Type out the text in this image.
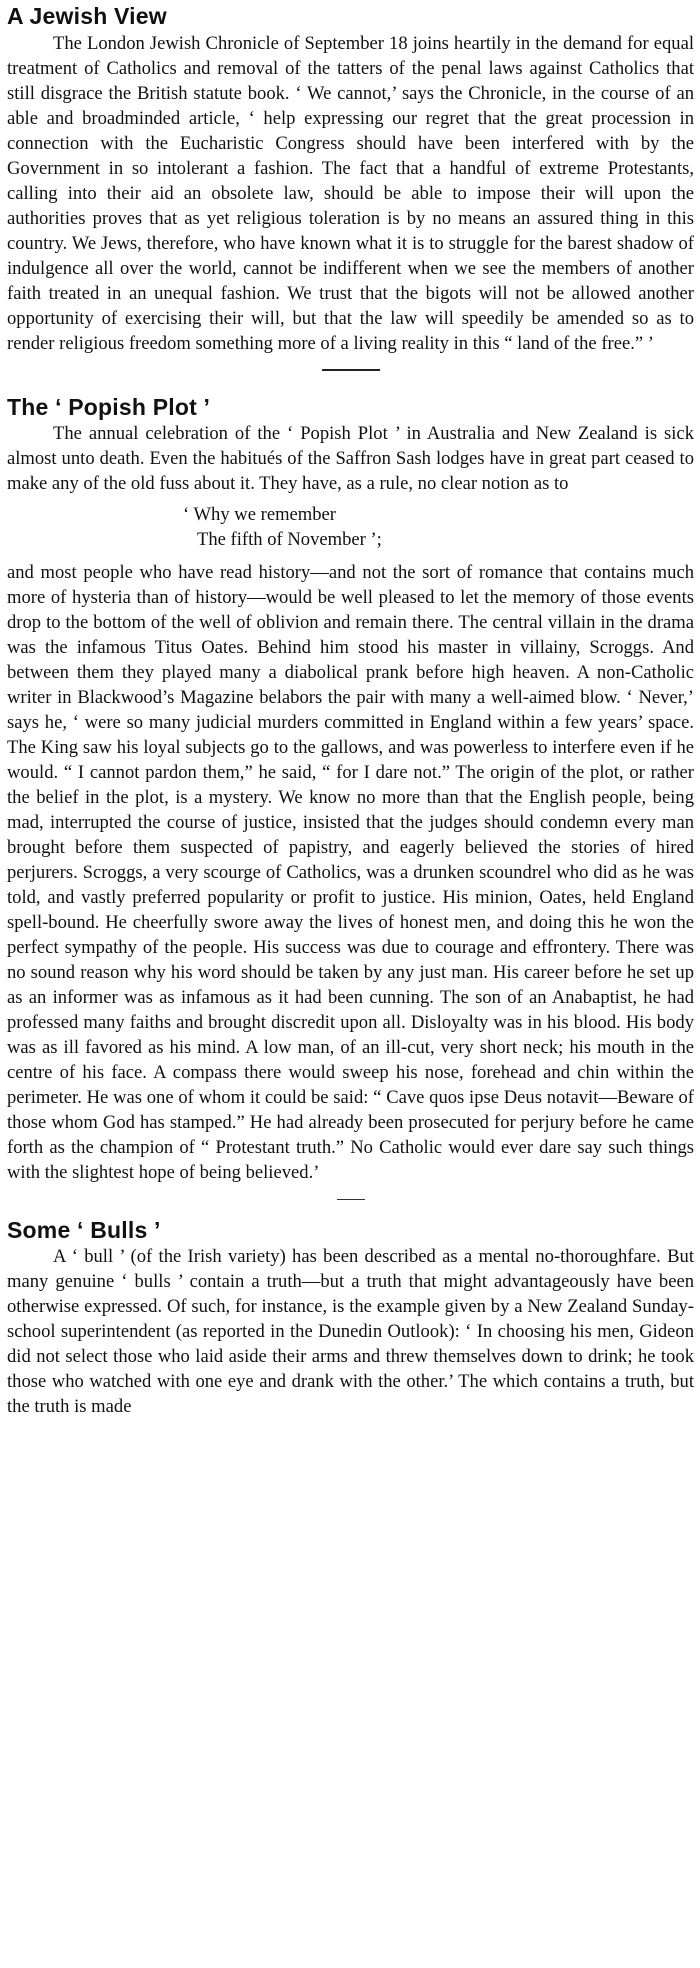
A Jewish View

The London Jewish Chronicle of September 18 joins heartily in the demand for equal treatment of Catholics and removal of the tatters of the penal laws against Catholics that still disgrace the British statute book. ‘ We cannot,’ says the Chronicle, in the course of an able and broadminded article, ‘ help expressing our regret that the great procession in connection with the Eucharistic Congress should have been interfered with by the Government in so intolerant a fashion. The fact that a handful of extreme Protestants, calling into their aid an obsolete law, should be able to impose their will upon the authorities proves that as yet religious toleration is by no means an assured thing in this country. We Jews, therefore, who have known what it is to struggle for the barest shadow of indulgence all over the world, cannot be indifferent when we see the members of another faith treated in an unequal fashion. We trust that the bigots will not be allowed another opportunity of exercising their will, but that the law will speedily be amended so as to render religious freedom something more of a living reality in this “ land of the free.” ’

The ‘ Popish Plot ’

The annual celebration of the ‘ Popish Plot ’ in Australia and New Zealand is sick almost unto death. Even the habitués of the Saffron Sash lodges have in great part ceased to make any of the old fuss about it. They have, as a rule, no clear notion as to

‘ Why we remember
The fifth of November ’;

and most people who have read history—and not the sort of romance that contains much more of hysteria than of history—would be well pleased to let the memory of those events drop to the bottom of the well of oblivion and remain there. The central villain in the drama was the infamous Titus Oates. Behind him stood his master in villainy, Scroggs. And between them they played many a diabolical prank before high heaven. A non-Catholic writer in Blackwood’s Magazine belabors the pair with many a well-aimed blow. ‘ Never,’ says he, ‘ were so many judicial murders committed in England within a few years’ space. The King saw his loyal subjects go to the gallows, and was powerless to interfere even if he would. “ I cannot pardon them,” he said, “ for I dare not.” The origin of the plot, or rather the belief in the plot, is a mystery. We know no more than that the English people, being mad, interrupted the course of justice, insisted that the judges should condemn every man brought before them suspected of papistry, and eagerly believed the stories of hired perjurers. Scroggs, a very scourge of Catholics, was a drunken scoundrel who did as he was told, and vastly preferred popularity or profit to justice. His minion, Oates, held England spell-bound. He cheerfully swore away the lives of honest men, and doing this he won the perfect sympathy of the people. His success was due to courage and effrontery. There was no sound reason why his word should be taken by any just man. His career before he set up as an informer was as infamous as it had been cunning. The son of an Anabaptist, he had professed many faiths and brought discredit upon all. Disloyalty was in his blood. His body was as ill favored as his mind. A low man, of an ill-cut, very short neck; his mouth in the centre of his face. A compass there would sweep his nose, forehead and chin within the perimeter. He was one of whom it could be said: “ Cave quos ipse Deus notavit—Beware of those whom God has stamped.” He had already been prosecuted for perjury before he came forth as the champion of “ Protestant truth.” No Catholic would ever dare say such things with the slightest hope of being believed.’

Some ‘ Bulls ’

A ‘ bull ’ (of the Irish variety) has been described as a mental no-thoroughfare. But many genuine ‘ bulls ’ contain a truth—but a truth that might advantageously have been otherwise expressed. Of such, for instance, is the example given by a New Zealand Sunday-school superintendent (as reported in the Dunedin Outlook): ‘ In choosing his men, Gideon did not select those who laid aside their arms and threw themselves down to drink; he took those who watched with one eye and drank with the other.’ The which contains a truth, but the truth is made
